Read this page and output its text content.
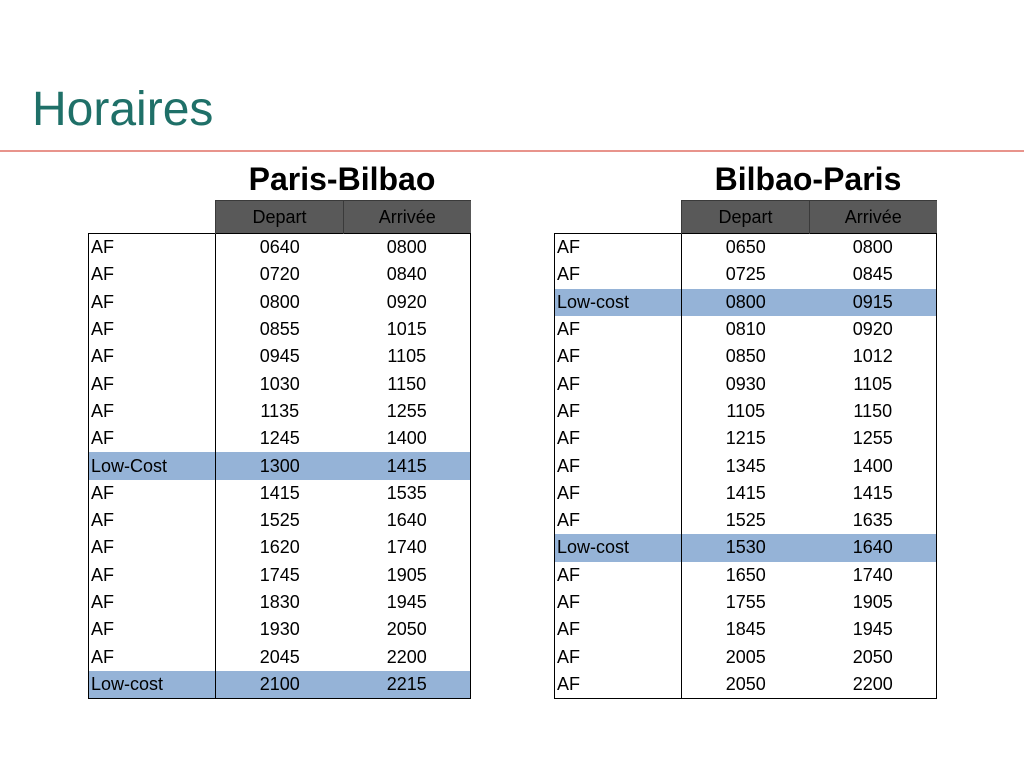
Horaires
Paris-Bilbao	Bilbao-Paris
	Depart	Arrivée
AF	0640	0800
AF	0720	0840
AF	0800	0920
AF	0855	1015
AF	0945	1105
AF	1030	1150
AF	1135	1255
AF	1245	1400
Low-Cost	1300	1415
AF	1415	1535
AF	1525	1640
AF	1620	1740
AF	1745	1905
AF	1830	1945
AF	1930	2050
AF	2045	2200
Low-cost	2100	2215
	Depart	Arrivée
AF	0650	0800
AF	0725	0845
Low-cost	0800	0915
AF	0810	0920
AF	0850	1012
AF	0930	1105
AF	1105	1150
AF	1215	1255
AF	1345	1400
AF	1415	1415
AF	1525	1635
Low-cost	1530	1640
AF	1650	1740
AF	1755	1905
AF	1845	1945
AF	2005	2050
AF	2050	2200
